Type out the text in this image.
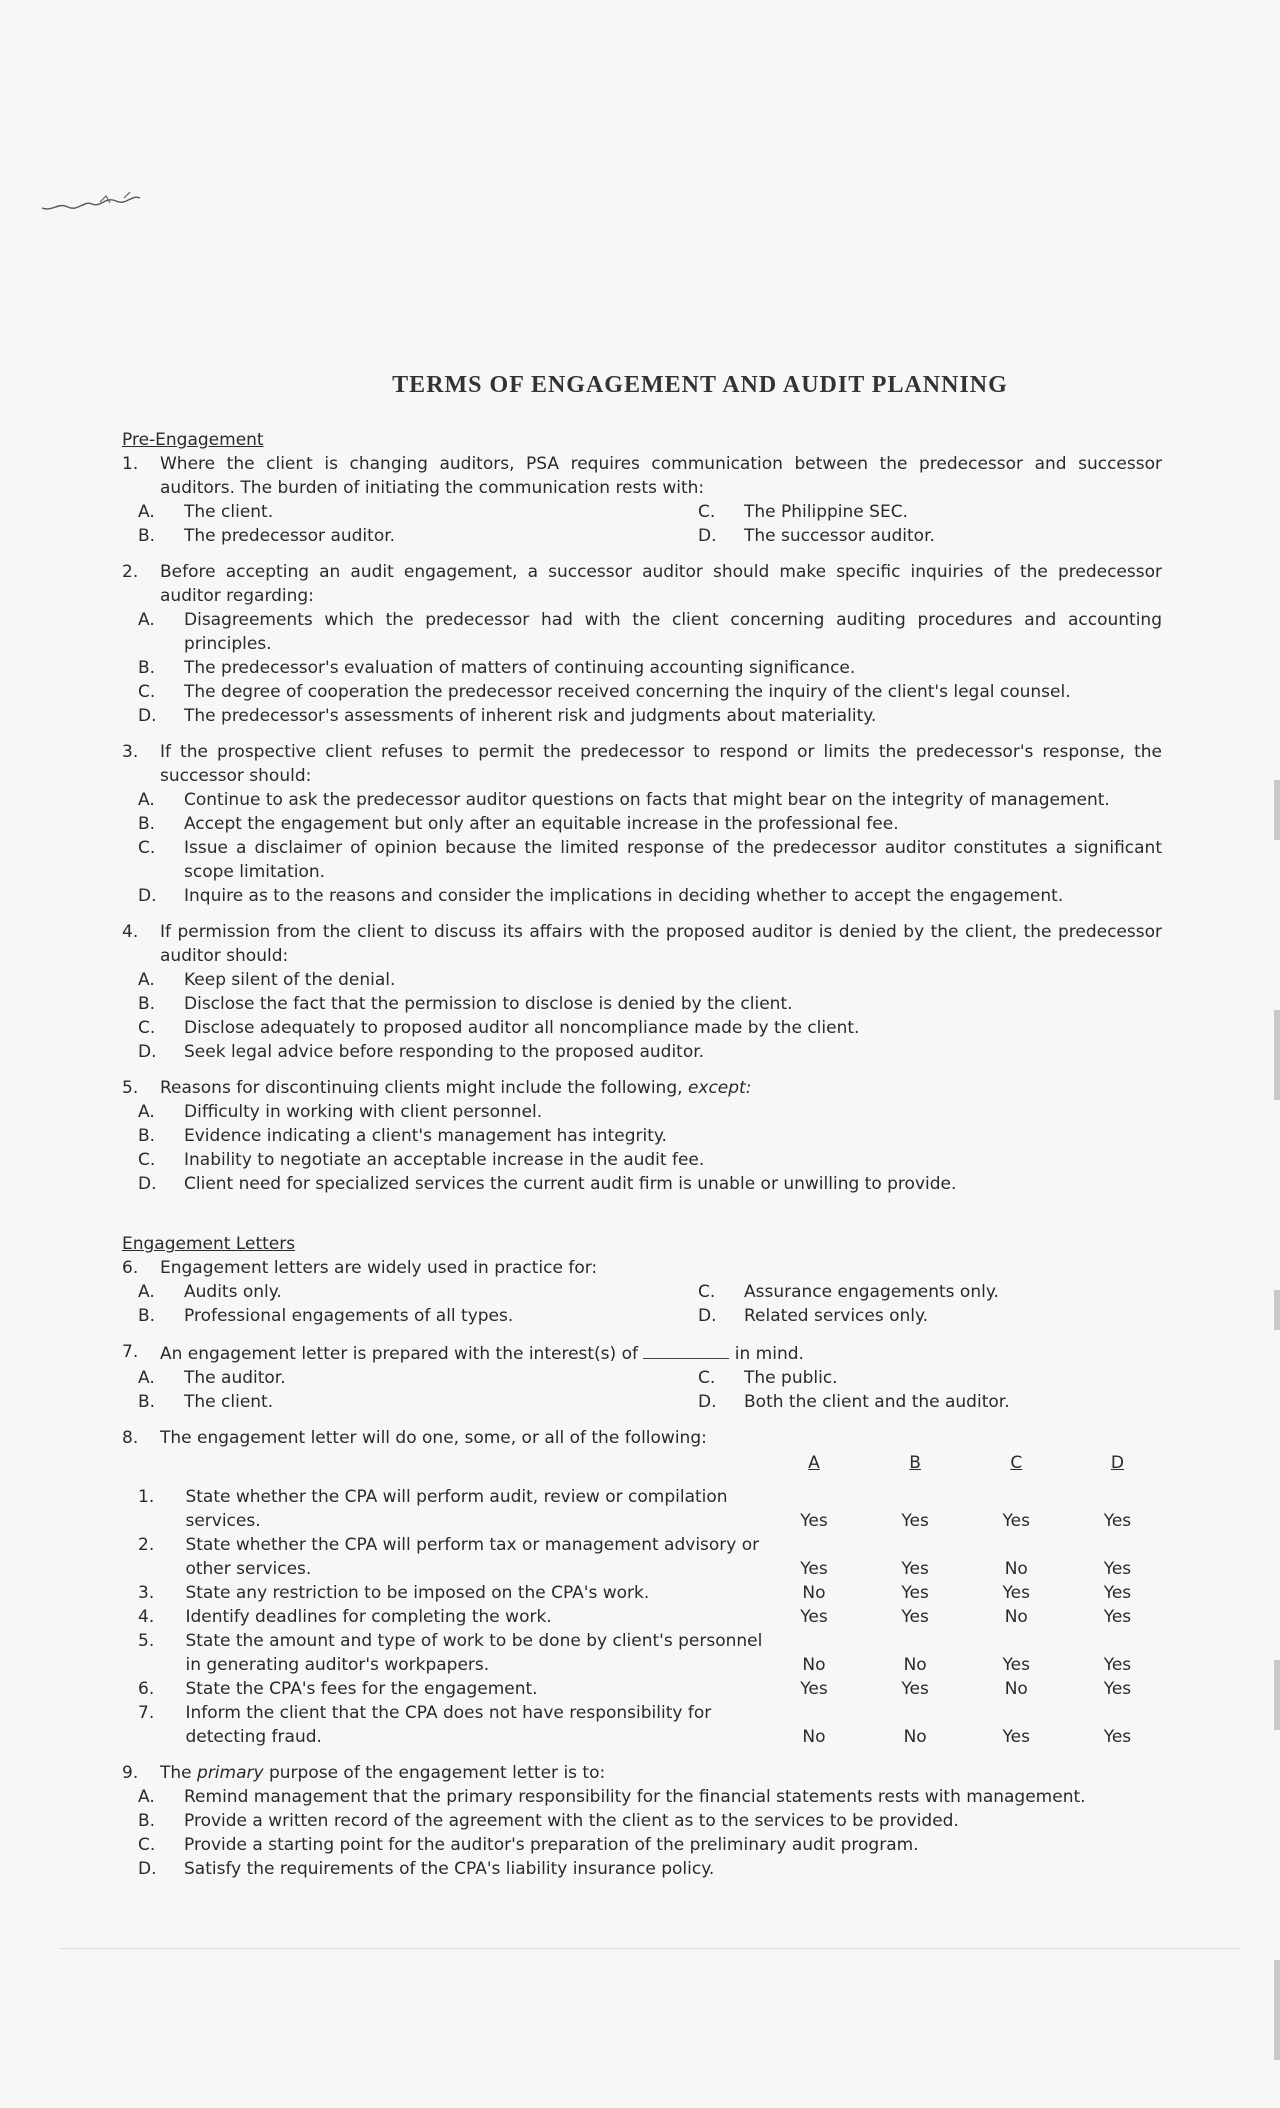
TERMS OF ENGAGEMENT AND AUDIT PLANNING

Pre-Engagement

1. Where the client is changing auditors, PSA requires communication between the predecessor and successor auditors. The burden of initiating the communication rests with:
A. The client.	C. The Philippine SEC.
B. The predecessor auditor.	D. The successor auditor.
2. Before accepting an audit engagement, a successor auditor should make specific inquiries of the predecessor auditor regarding:
A. Disagreements which the predecessor had with the client concerning auditing procedures and accounting principles.
B. The predecessor's evaluation of matters of continuing accounting significance.
C. The degree of cooperation the predecessor received concerning the inquiry of the client's legal counsel.
D. The predecessor's assessments of inherent risk and judgments about materiality.
3. If the prospective client refuses to permit the predecessor to respond or limits the predecessor's response, the successor should:
A. Continue to ask the predecessor auditor questions on facts that might bear on the integrity of management.
B. Accept the engagement but only after an equitable increase in the professional fee.
C. Issue a disclaimer of opinion because the limited response of the predecessor auditor constitutes a significant scope limitation.
D. Inquire as to the reasons and consider the implications in deciding whether to accept the engagement.
4. If permission from the client to discuss its affairs with the proposed auditor is denied by the client, the predecessor auditor should:
A. Keep silent of the denial.
B. Disclose the fact that the permission to disclose is denied by the client.
C. Disclose adequately to proposed auditor all noncompliance made by the client.
D. Seek legal advice before responding to the proposed auditor.
5. Reasons for discontinuing clients might include the following, except:
A. Difficulty in working with client personnel.
B. Evidence indicating a client's management has integrity.
C. Inability to negotiate an acceptable increase in the audit fee.
D. Client need for specialized services the current audit firm is unable or unwilling to provide.

Engagement Letters

6. Engagement letters are widely used in practice for:
A. Audits only.	C. Assurance engagements only.
B. Professional engagements of all types.	D. Related services only.
7. An engagement letter is prepared with the interest(s) of	in mind.
A. The auditor.	C. The public.
B. The client.	D. Both the client and the auditor.
8. The engagement letter will do one, some, or all of the following:
		A	B	C	D
1.	State whether the CPA will perform audit, review or compilation services.	Yes	Yes	Yes	Yes
2.	State whether the CPA will perform tax or management advisory or other services.	Yes	Yes	No	Yes
3.	State any restriction to be imposed on the CPA's work.	No	Yes	Yes	Yes
4.	Identify deadlines for completing the work.	Yes	Yes	No	Yes
5.	State the amount and type of work to be done by client's personnel in generating auditor's workpapers.	No	No	Yes	Yes
6.	State the CPA's fees for the engagement.	Yes	Yes	No	Yes
7.	Inform the client that the CPA does not have responsibility for detecting fraud.	No	No	Yes	Yes
9. The primary purpose of the engagement letter is to:
A. Remind management that the primary responsibility for the financial statements rests with management.
B. Provide a written record of the agreement with the client as to the services to be provided.
C. Provide a starting point for the auditor's preparation of the preliminary audit program.
D. Satisfy the requirements of the CPA's liability insurance policy.
